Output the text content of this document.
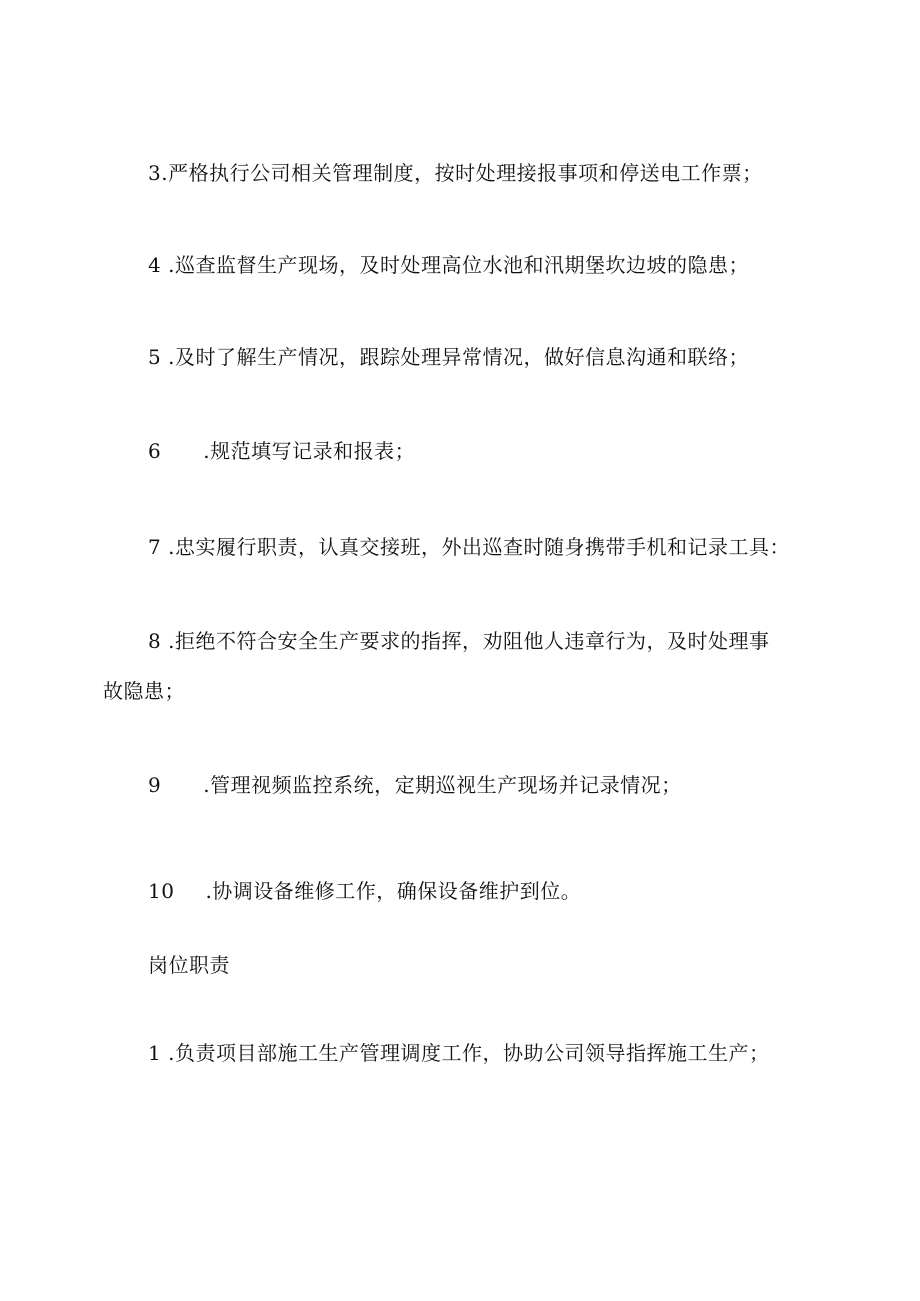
3.严格执行公司相关管理制度，按时处理接报事项和停送电工作票；
4 .巡查监督生产现场，及时处理高位水池和汛期堡坎边坡的隐患；
5 .及时了解生产情况，跟踪处理异常情况，做好信息沟通和联络；
6 .规范填写记录和报表；
7 .忠实履行职责，认真交接班，外出巡查时随身携带手机和记录工具：
8 .拒绝不符合安全生产要求的指挥，劝阻他人违章行为，及时处理事
故隐患；
9 .管理视频监控系统，定期巡视生产现场并记录情况；
10 .协调设备维修工作，确保设备维护到位。
岗位职责
1 .负责项目部施工生产管理调度工作，协助公司领导指挥施工生产；
